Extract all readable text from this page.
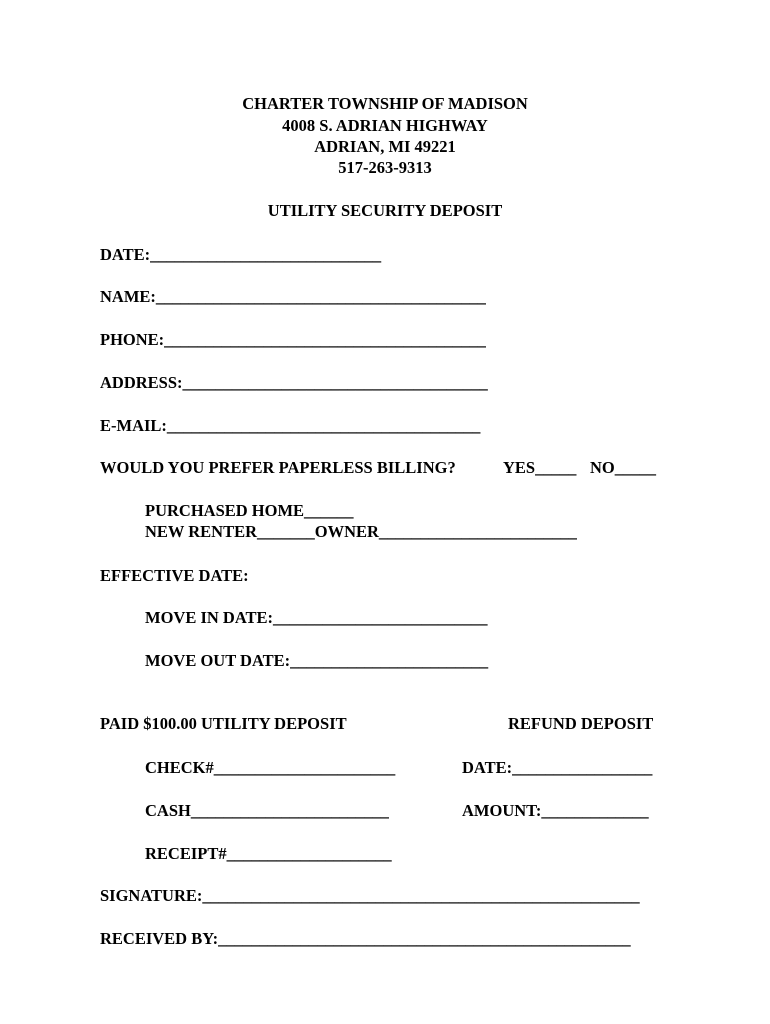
CHARTER TOWNSHIP OF MADISON
4008 S. ADRIAN HIGHWAY
ADRIAN, MI 49221
517-263-9313
UTILITY SECURITY DEPOSIT
DATE:____________________________
NAME:________________________________________
PHONE:_______________________________________
ADDRESS:_____________________________________
E-MAIL:______________________________________
WOULD YOU PREFER PAPERLESS BILLING?	YES_____ NO_____
PURCHASED HOME______
NEW RENTER_______OWNER________________________
EFFECTIVE DATE:
MOVE IN DATE:__________________________
MOVE OUT DATE:________________________
PAID $100.00 UTILITY DEPOSIT	REFUND DEPOSIT
CHECK#______________________	DATE:_________________
CASH________________________	AMOUNT:_____________
RECEIPT#____________________
SIGNATURE:_____________________________________________________
RECEIVED BY:__________________________________________________
